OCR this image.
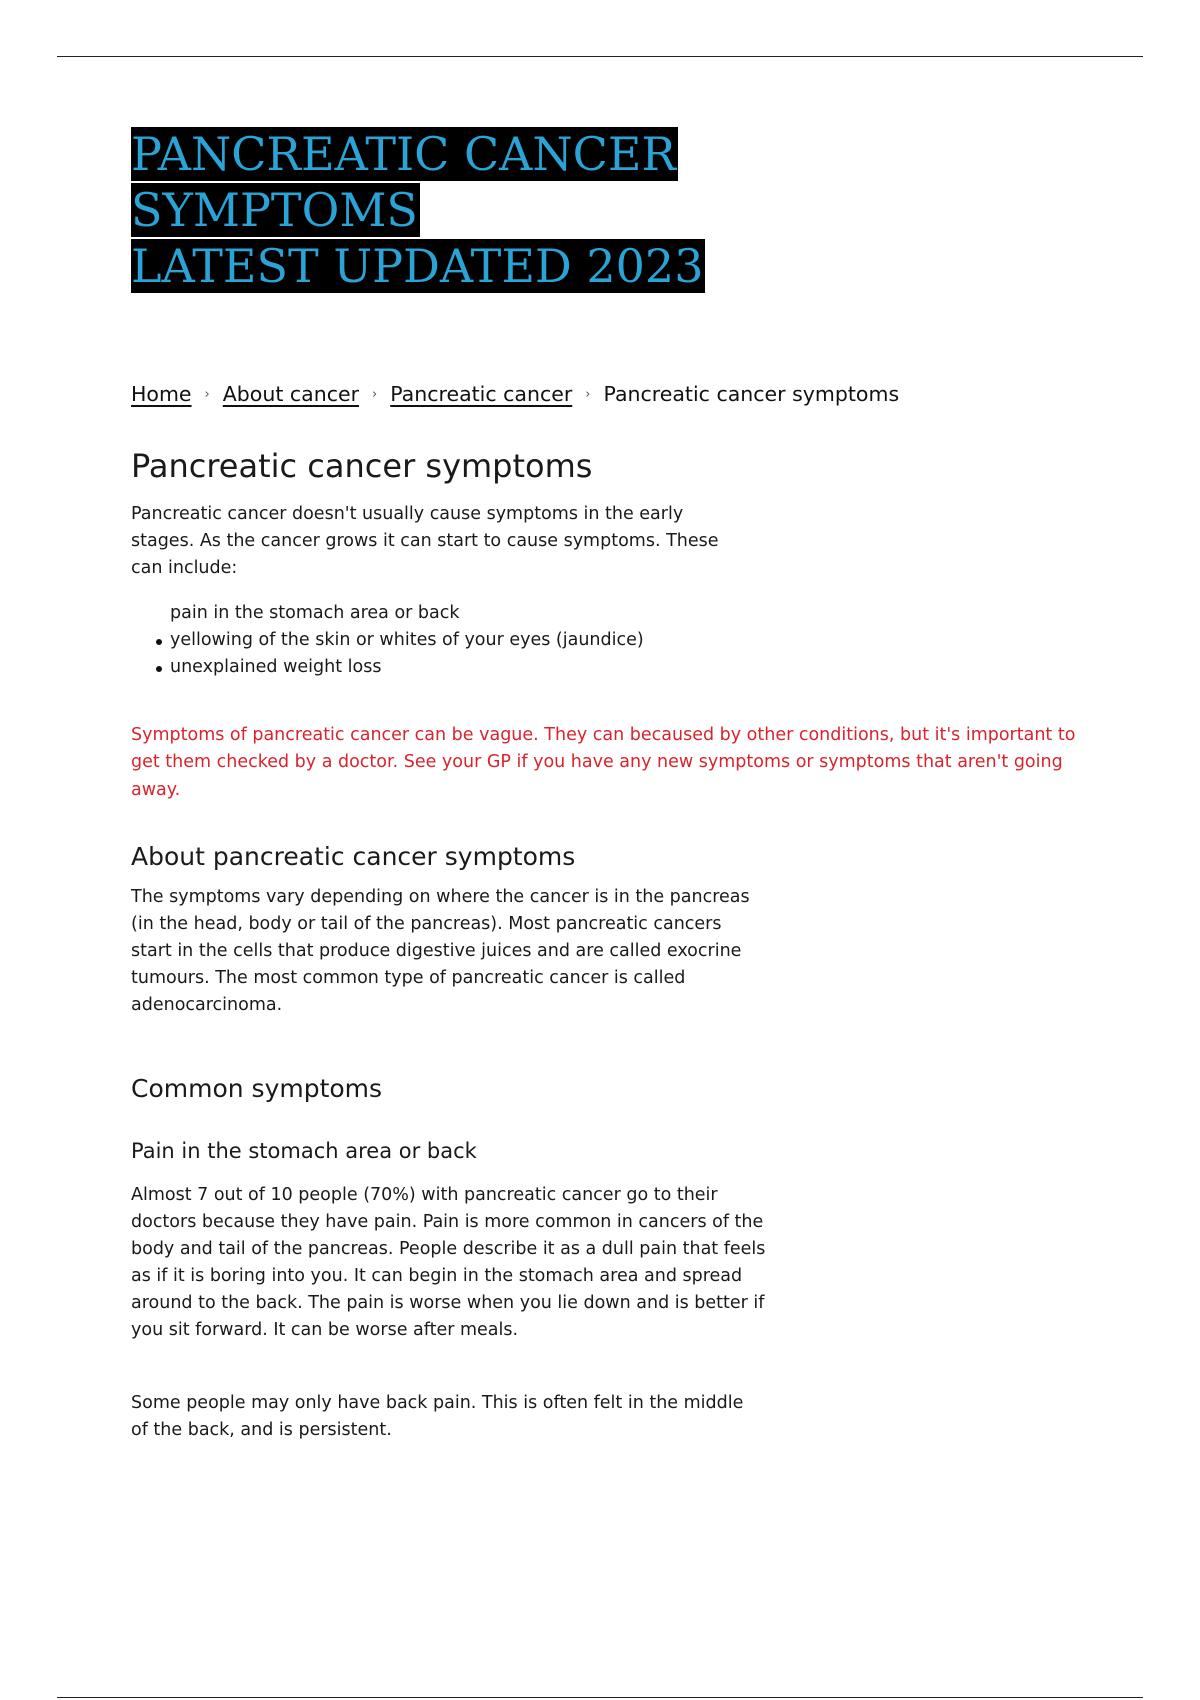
PANCREATIC CANCER SYMPTOMS
LATEST UPDATED 2023
Home › About cancer › Pancreatic cancer › Pancreatic cancer symptoms
Pancreatic cancer symptoms

Pancreatic cancer doesn't usually cause symptoms in the early stages. As the cancer grows it can start to cause symptoms. These can include:

pain in the stomach area or back
yellowing of the skin or whites of your eyes (jaundice)
unexplained weight loss

Symptoms of pancreatic cancer can be vague. They can becaused by other conditions, but it's important to get them checked by a doctor. See your GP if you have any new symptoms or symptoms that aren't going away.

About pancreatic cancer symptoms

The symptoms vary depending on where the cancer is in the pancreas (in the head, body or tail of the pancreas). Most pancreatic cancers start in the cells that produce digestive juices and are called exocrine tumours. The most common type of pancreatic cancer is called adenocarcinoma.

Common symptoms
Pain in the stomach area or back

Almost 7 out of 10 people (70%) with pancreatic cancer go to their doctors because they have pain. Pain is more common in cancers of the body and tail of the pancreas. People describe it as a dull pain that feels as if it is boring into you. It can begin in the stomach area and spread around to the back. The pain is worse when you lie down and is better if you sit forward. It can be worse after meals.

Some people may only have back pain. This is often felt in the middle of the back, and is persistent.
